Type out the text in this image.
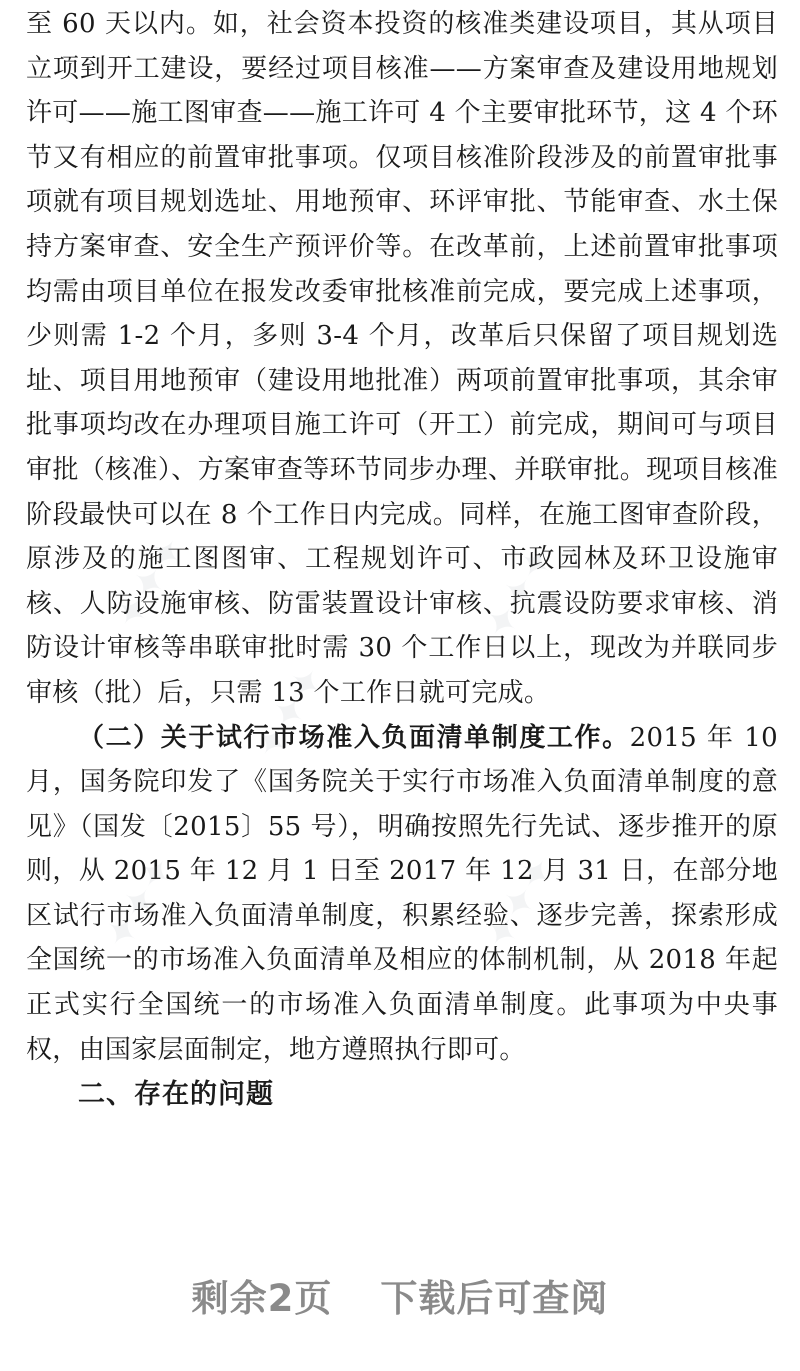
至 60 天以内。如，社会资本投资的核准类建设项目，其从项目立项到开工建设，要经过项目核准——方案审查及建设用地规划许可——施工图审查——施工许可 4 个主要审批环节，这 4 个环节又有相应的前置审批事项。仅项目核准阶段涉及的前置审批事项就有项目规划选址、用地预审、环评审批、节能审查、水土保持方案审查、安全生产预评价等。在改革前，上述前置审批事项均需由项目单位在报发改委审批核准前完成，要完成上述事项，少则需 1-2 个月，多则 3-4 个月，改革后只保留了项目规划选址、项目用地预审（建设用地批准）两项前置审批事项，其余审批事项均改在办理项目施工许可（开工）前完成，期间可与项目审批（核准）、方案审查等环节同步办理、并联审批。现项目核准阶段最快可以在 8 个工作日内完成。同样，在施工图审查阶段，原涉及的施工图图审、工程规划许可、市政园林及环卫设施审核、人防设施审核、防雷装置设计审核、抗震设防要求审核、消防设计审核等串联审批时需 30 个工作日以上，现改为并联同步审核（批）后，只需 13 个工作日就可完成。

（二）关于试行市场准入负面清单制度工作。2015 年 10 月，国务院印发了《国务院关于实行市场准入负面清单制度的意见》（国发〔2015〕55 号），明确按照先行先试、逐步推开的原则，从 2015 年 12 月 1 日至 2017 年 12 月 31 日，在部分地区试行市场准入负面清单制度，积累经验、逐步完善，探索形成全国统一的市场准入负面清单及相应的体制机制，从 2018 年起正式实行全国统一的市场准入负面清单制度。此事项为中央事权，由国家层面制定，地方遵照执行即可。

二、存在的问题

✦✦✦	✦✦✦
✦✦✦
✦✦✦	✦✦✦
剩余2页 下载后可查阅
